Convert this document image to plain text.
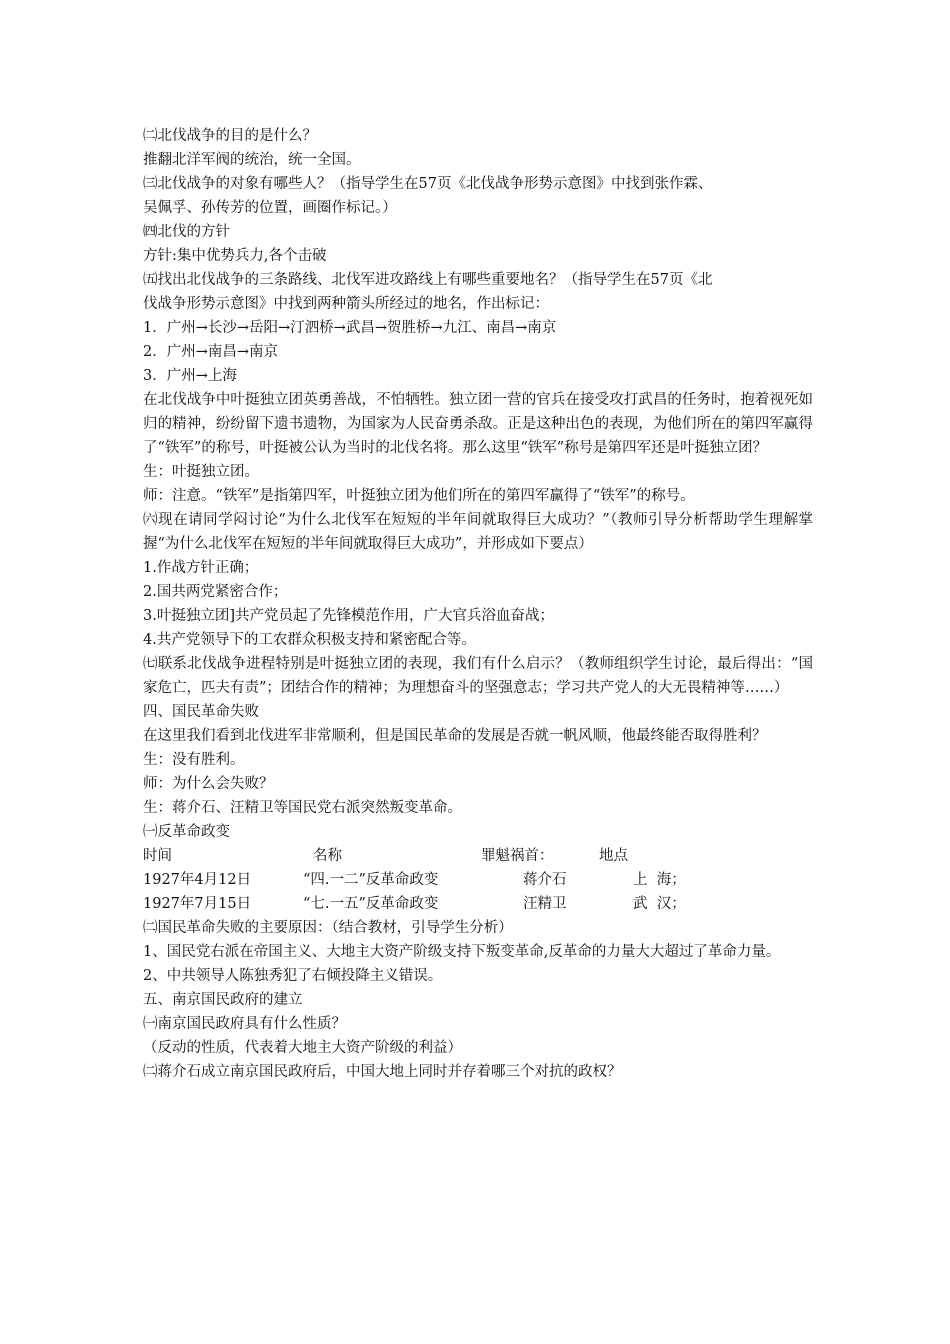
㈡北伐战争的目的是什么？
推翻北洋军阀的统治，统一全国。
㈢北伐战争的对象有哪些人？（指导学生在57页《北伐战争形势示意图》中找到张作霖、
吴佩孚、孙传芳的位置，画圈作标记。）
㈣北伐的方针
方针:集中优势兵力,各个击破
㈤找出北伐战争的三条路线、北伐军进攻路线上有哪些重要地名？（指导学生在57页《北
伐战争形势示意图》中找到两种箭头所经过的地名，作出标记：
1．广州→长沙→岳阳→汀泗桥→武昌→贺胜桥→九江、南昌→南京
2．广州→南昌→南京
3．广州→上海
在北伐战争中叶挺独立团英勇善战，不怕牺牲。独立团一营的官兵在接受攻打武昌的任务时，抱着视死如归的精神，纷纷留下遗书遗物，为国家为人民奋勇杀敌。正是这种出色的表现，为他们所在的第四军赢得了“铁军”的称号，叶挺被公认为当时的北伐名将。那么这里“铁军”称号是第四军还是叶挺独立团？
生：叶挺独立团。
师：注意。“铁军”是指第四军，叶挺独立团为他们所在的第四军赢得了“铁军”的称号。
㈥现在请同学闷讨论“为什么北伐军在短短的半年间就取得巨大成功？”（教师引导分析帮助学生理解掌握“为什么北伐军在短短的半年间就取得巨大成功”，并形成如下要点）
1.作战方针正确；
2.国共两党紧密合作；
3.叶挺独立团]共产党员起了先锋模范作用，广大官兵浴血奋战；
4.共产党领导下的工农群众积极支持和紧密配合等。
㈦联系北伐战争进程特别是叶挺独立团的表现，我们有什么启示？（教师组织学生讨论，最后得出：“国家危亡，匹夫有责”；团结合作的精神；为理想奋斗的坚强意志；学习共产党人的大无畏精神等……）
四、国民革命失败
在这里我们看到北伐进军非常顺利，但是国民革命的发展是否就一帆风顺，他最终能否取得胜利？
生：没有胜利。
师：为什么会失败？
生：蒋介石、汪精卫等国民党右派突然叛变革命。
㈠反革命政变
时间	名称	罪魁祸首：	地点
1927年4月12日	“四.一二”反革命政变	蒋介石	上  海；
1927年7月15日	“七.一五”反革命政变	汪精卫	武  汉；
㈡国民革命失败的主要原因：（结合教材，引导学生分析）
1、国民党右派在帝国主义、大地主大资产阶级支持下叛变革命,反革命的力量大大超过了革命力量。
2、中共领导人陈独秀犯了右倾投降主义错误。
五、南京国民政府的建立
㈠南京国民政府具有什么性质？
（反动的性质，代表着大地主大资产阶级的利益）
㈡蒋介石成立南京国民政府后，中国大地上同时并存着哪三个对抗的政权？
